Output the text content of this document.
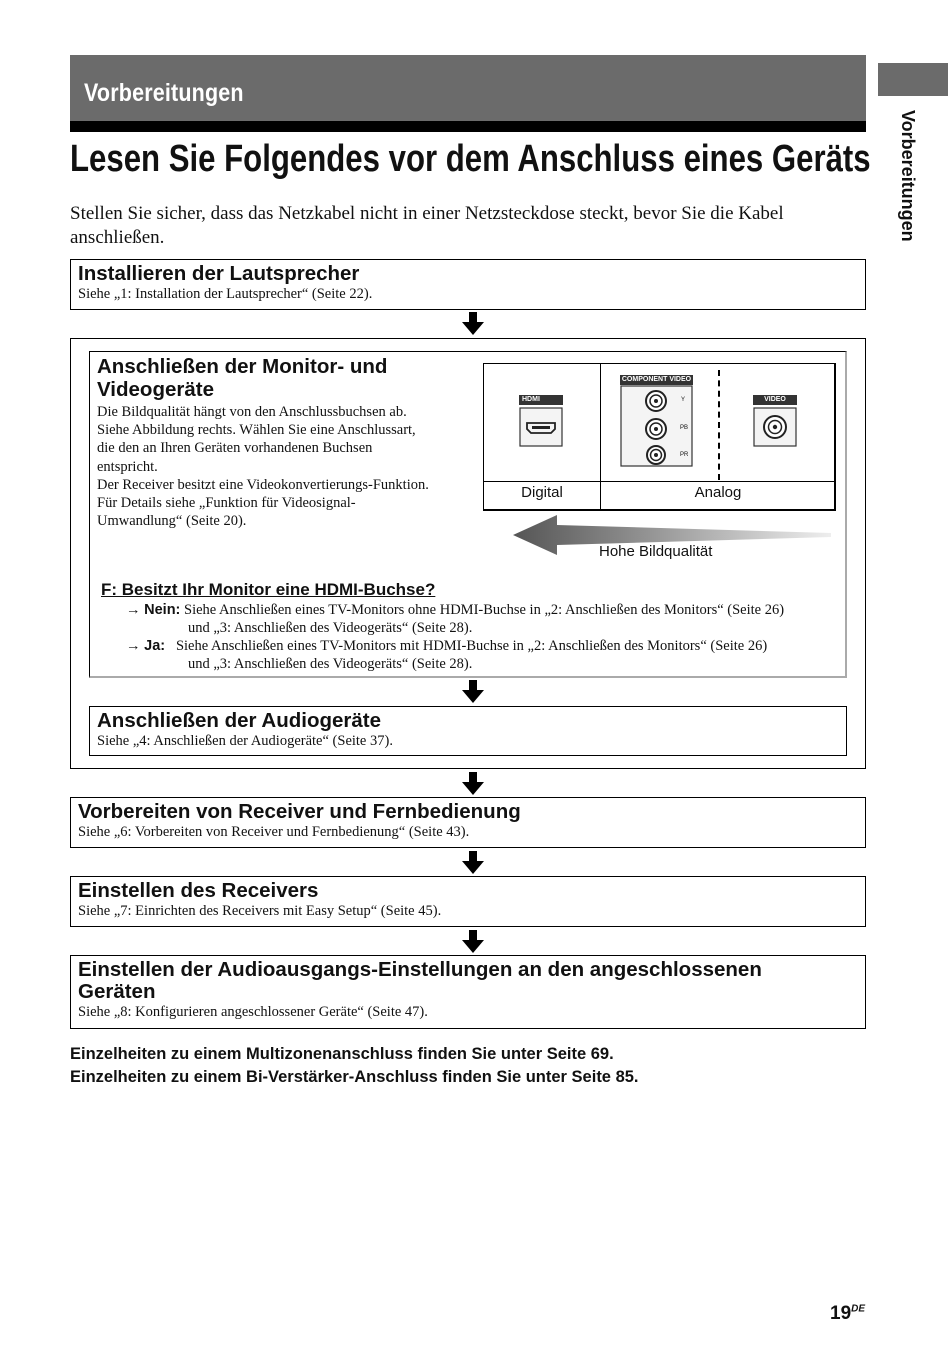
Vorbereitungen
Vorbereitungen
Lesen Sie Folgendes vor dem Anschluss eines Geräts
Stellen Sie sicher, dass das Netzkabel nicht in einer Netzsteckdose steckt, bevor Sie die Kabel anschließen.
Installieren der Lautsprecher

Siehe „1: Installation der Lautsprecher“ (Seite 22).

Anschließen der Monitor- und
Videogeräte
Die Bildqualität hängt von den Anschlussbuchsen ab.
Siehe Abbildung rechts. Wählen Sie eine Anschlussart,
die den an Ihren Geräten vorhandenen Buchsen
entspricht.
Der Receiver besitzt eine Videokonvertierungs-Funktion.
Für Details siehe „Funktion für Videosignal-
Umwandlung“ (Seite 20).
HDMI
COMPONENT VIDEO
Y
PB
PR
VIDEO
Digital	Analog
Hohe Bildqualität
F: Besitzt Ihr Monitor eine HDMI-Buchse?
→ Nein: Siehe Anschließen eines TV-Monitors ohne HDMI-Buchse in „2: Anschließen des Monitors“ (Seite 26)
und „3: Anschließen des Videogeräts“ (Seite 28).
→ Ja: Siehe Anschließen eines TV-Monitors mit HDMI-Buchse in „2: Anschließen des Monitors“ (Seite 26)
und „3: Anschließen des Videogeräts“ (Seite 28).
Anschließen der Audiogeräte

Siehe „4: Anschließen der Audiogeräte“ (Seite 37).

Vorbereiten von Receiver und Fernbedienung

Siehe „6: Vorbereiten von Receiver und Fernbedienung“ (Seite 43).

Einstellen des Receivers

Siehe „7: Einrichten des Receivers mit Easy Setup“ (Seite 45).

Einstellen der Audioausgangs-Einstellungen an den angeschlossenen
Geräten

Siehe „8: Konfigurieren angeschlossener Geräte“ (Seite 47).

Einzelheiten zu einem Multizonenanschluss finden Sie unter Seite 69.
Einzelheiten zu einem Bi-Verstärker-Anschluss finden Sie unter Seite 85.
19DE
